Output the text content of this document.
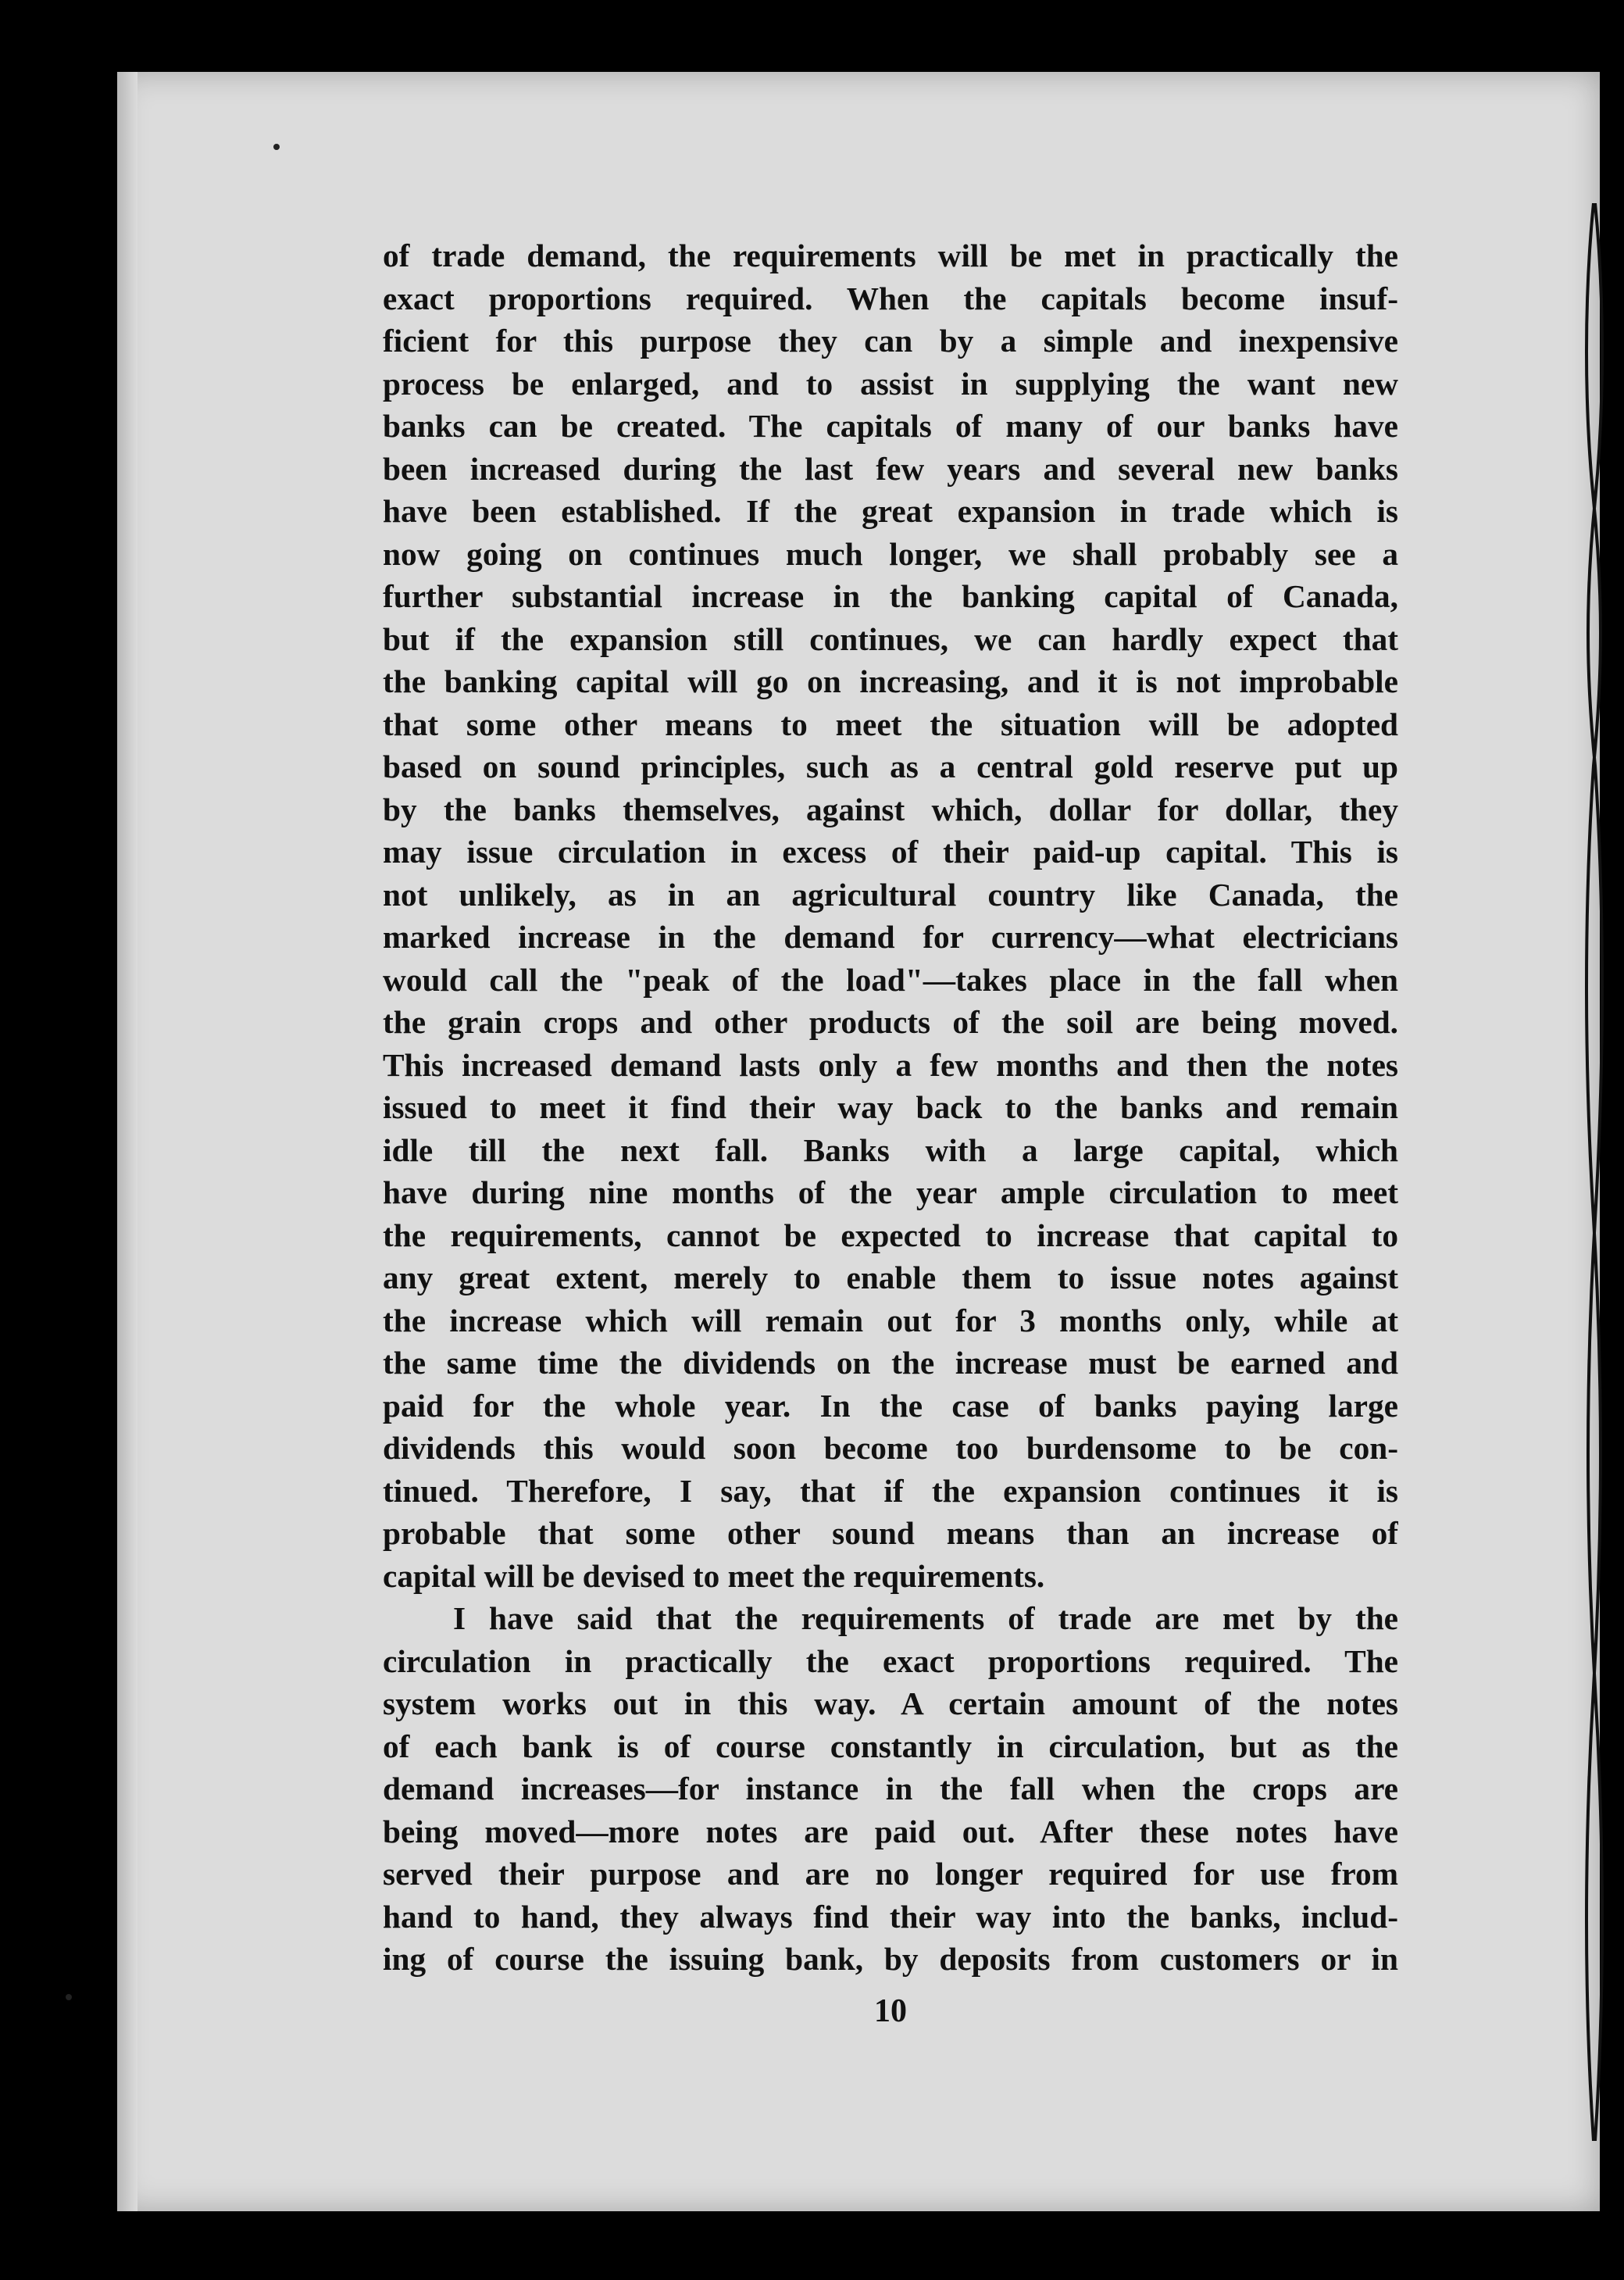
of trade demand, the requirements will be met in practically the
exact proportions required. When the capitals become insuf-
ficient for this purpose they can by a simple and inexpensive
process be enlarged, and to assist in supplying the want new
banks can be created. The capitals of many of our banks have
been increased during the last few years and several new banks
have been established. If the great expansion in trade which is
now going on continues much longer, we shall probably see a
further substantial increase in the banking capital of Canada,
but if the expansion still continues, we can hardly expect that
the banking capital will go on increasing, and it is not improbable
that some other means to meet the situation will be adopted
based on sound principles, such as a central gold reserve put up
by the banks themselves, against which, dollar for dollar, they
may issue circulation in excess of their paid-up capital. This is
not unlikely, as in an agricultural country like Canada, the
marked increase in the demand for currency—what electricians
would call the "peak of the load"—takes place in the fall when
the grain crops and other products of the soil are being moved.
This increased demand lasts only a few months and then the notes
issued to meet it find their way back to the banks and remain
idle till the next fall. Banks with a large capital, which
have during nine months of the year ample circulation to meet
the requirements, cannot be expected to increase that capital to
any great extent, merely to enable them to issue notes against
the increase which will remain out for 3 months only, while at
the same time the dividends on the increase must be earned and
paid for the whole year. In the case of banks paying large
dividends this would soon become too burdensome to be con-
tinued. Therefore, I say, that if the expansion continues it is
probable that some other sound means than an increase of
capital will be devised to meet the requirements.
I have said that the requirements of trade are met by the
circulation in practically the exact proportions required. The
system works out in this way. A certain amount of the notes
of each bank is of course constantly in circulation, but as the
demand increases—for instance in the fall when the crops are
being moved—more notes are paid out. After these notes have
served their purpose and are no longer required for use from
hand to hand, they always find their way into the banks, includ-
ing of course the issuing bank, by deposits from customers or in
10
